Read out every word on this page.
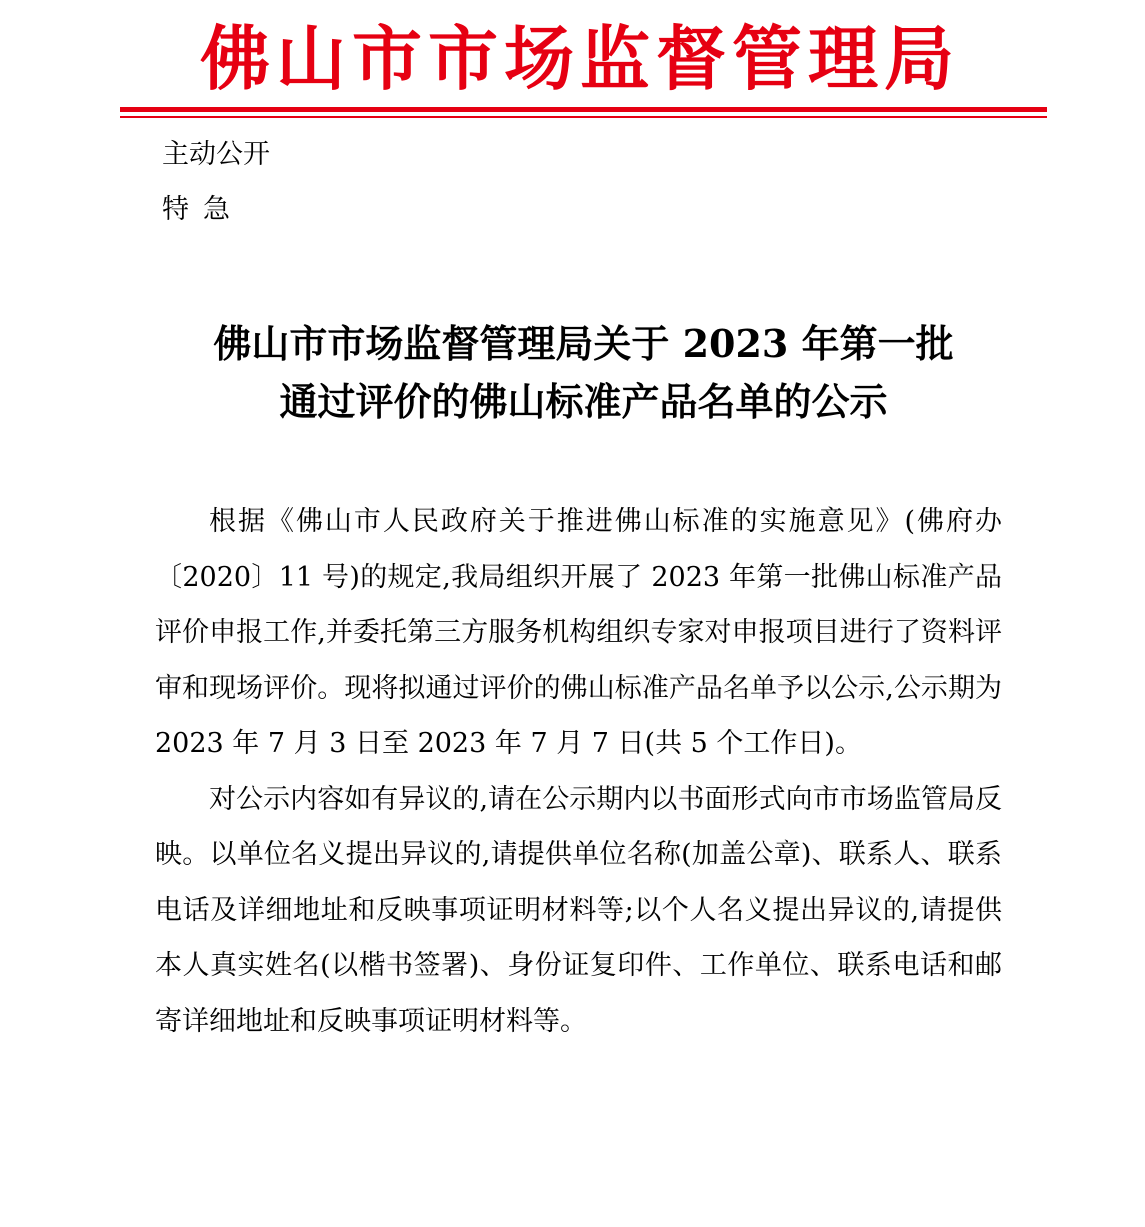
佛山市市场监督管理局
主动公开
特急
佛山市市场监督管理局关于 2023 年第一批
通过评价的佛山标准产品名单的公示

根据《佛山市人民政府关于推进佛山标准的实施意见》(佛府办〔2020〕11 号)的规定,我局组织开展了 2023 年第一批佛山标准产品评价申报工作,并委托第三方服务机构组织专家对申报项目进行了资料评审和现场评价。现将拟通过评价的佛山标准产品名单予以公示,公示期为 2023 年 7 月 3 日至 2023 年 7 月 7 日(共 5 个工作日)。

对公示内容如有异议的,请在公示期内以书面形式向市市场监管局反映。以单位名义提出异议的,请提供单位名称(加盖公章)、联系人、联系电话及详细地址和反映事项证明材料等;以个人名义提出异议的,请提供本人真实姓名(以楷书签署)、身份证复印件、工作单位、联系电话和邮寄详细地址和反映事项证明材料等。
